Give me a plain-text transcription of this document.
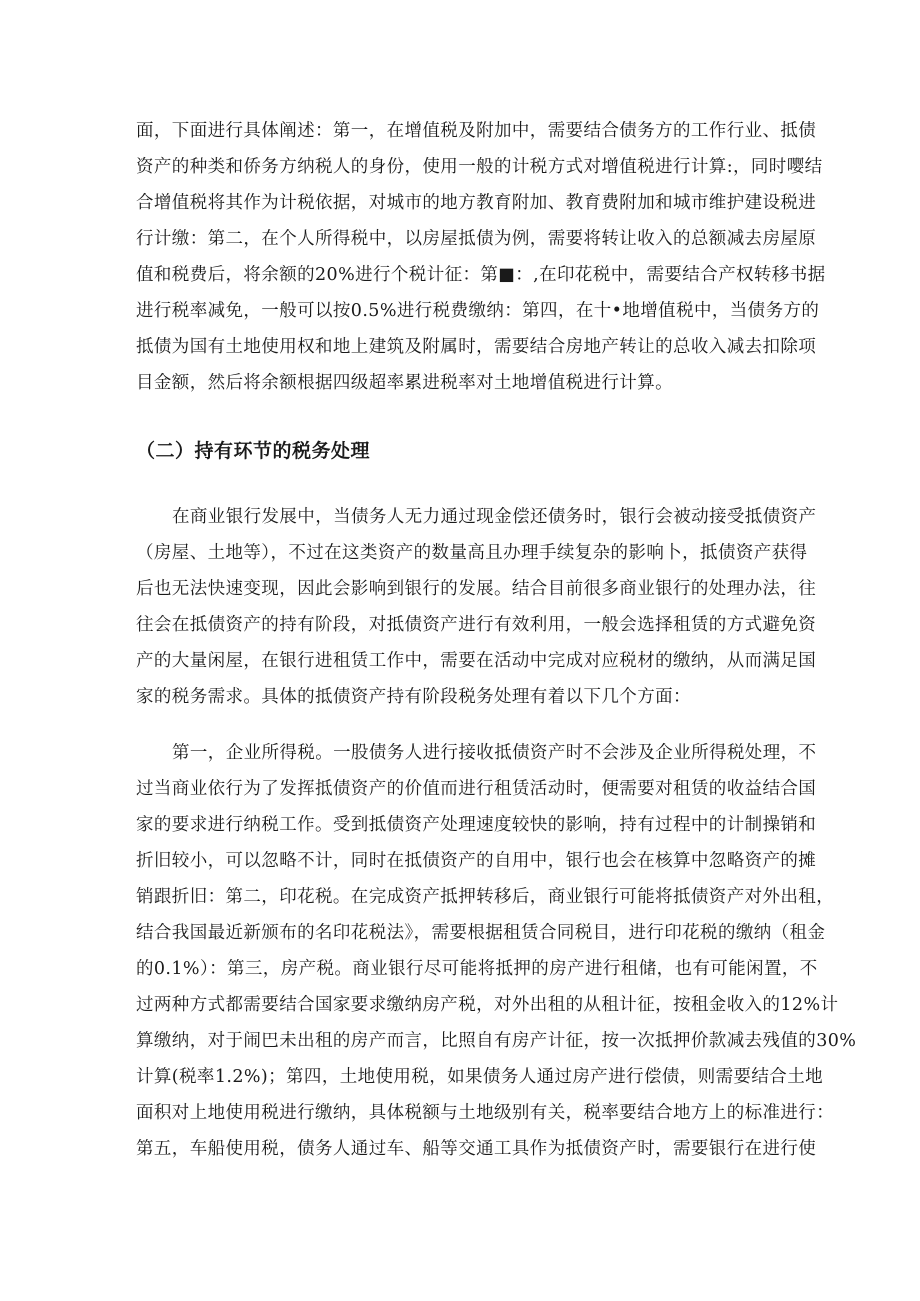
面，下面进行具体阐述：第一，在增值税及附加中，需要结合债务方的工作行业、抵债
资产的种类和侨务方纳税人的身份，使用一般的计税方式对增值税进行计算:，同时嘤结
合增值税将其作为计税依据，对城市的地方教育附加、教育费附加和城市维护建设税进
行计缴：第二，在个人所得税中，以房屋抵债为例，需要将转让收入的总额减去房屋原
值和税费后，将余额的20%进行个税计征：第■：,在印花税中，需要结合产权转移书据
进行税率减免，一般可以按0.5%进行税费缴纳：第四，在十•地增值税中，当债务方的
抵债为国有土地使用权和地上建筑及附属时，需要结合房地产转让的总收入减去扣除项
目金额，然后将余额根据四级超率累进税率对土地增值税进行计算。
（二）持有环节的税务处理
在商业银行发展中，当债务人无力通过现金偿还债务时，银行会被动接受抵债资产
（房屋、土地等），不过在这类资产的数量高且办理手续复杂的影响卜，抵债资产获得
后也无法快速变现，因此会影响到银行的发展。结合目前很多商业银行的处理办法，往
往会在抵债资产的持有阶段，对抵债资产进行有效利用，一般会选择租赁的方式避免资
产的大量闲屋，在银行进租赁工作中，需要在活动中完成对应税材的缴纳，从而满足国
家的税务需求。具体的抵债资产持有阶段税务处理有着以下几个方面：
第一，企业所得税。一股债务人进行接收抵债资产时不会涉及企业所得税处理，不
过当商业依行为了发挥抵债资产的价值而进行租赁活动时，便需要对租赁的收益结合国
家的要求进行纳税工作。受到抵债资产处理速度较快的影响，持有过程中的计制操销和
折旧较小，可以忽略不计，同时在抵债资产的自用中，银行也会在核算中忽略资产的摊
销跟折旧：第二，印花税。在完成资产抵押转移后，商业银行可能将抵债资产对外出租，
结合我国最近新颁布的名印花税法》，需要根据租赁合同税目，进行印花税的缴纳（租金
的0.1%）：第三，房产税。商业银行尽可能将抵押的房产进行租储，也有可能闲置，不
过两种方式都需要结合国家要求缴纳房产税，对外出租的从租计征，按租金收入的12%计
算缴纳，对于闹巴未出租的房产而言，比照自有房产计征，按一次抵押价款减去残值的30%
计算(税率1.2%)；第四，土地使用税，如果债务人通过房产进行偿债，则需要结合土地
面积对上地使用税进行缴纳，具体税额与土地级别有关，税率要结合地方上的标准进行：
第五，车船使用税，债务人通过车、船等交通工具作为抵债资产时，需要银行在进行使
